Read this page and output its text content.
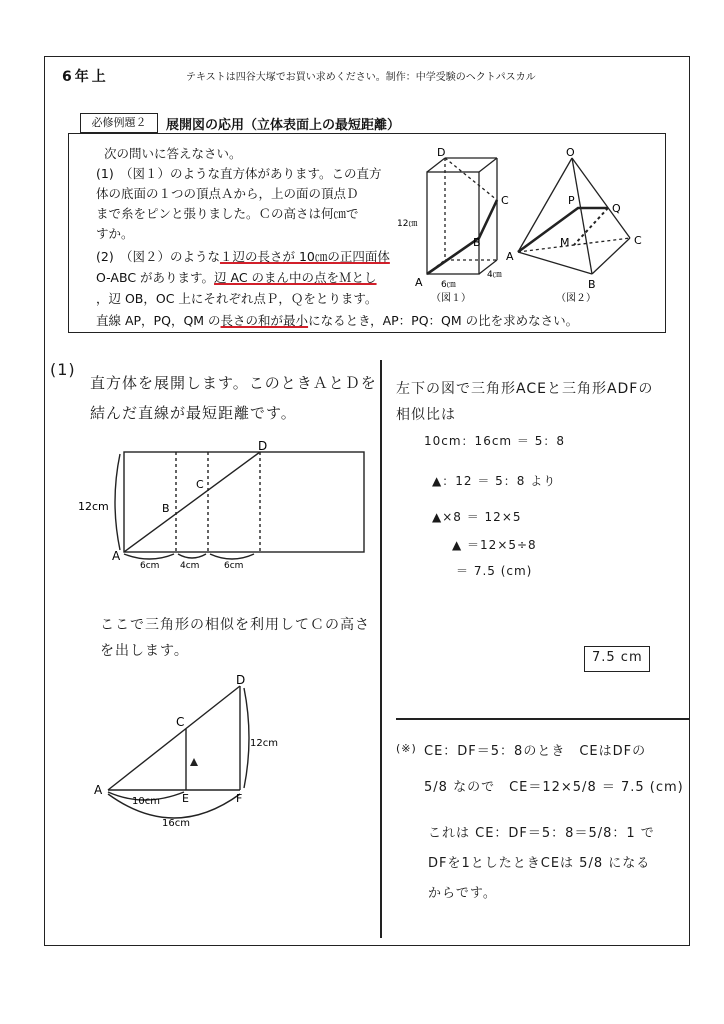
6年上	テキストは四谷大塚でお買い求めください。制作：中学受験のヘクトパスカル
必修例題２	展開図の応用（立体表面上の最短距離）
次の問いに答えなさい。
(1)　（図１）のような直方体があります。この直方
体の底面の１つの頂点Ａから，上の面の頂点Ｄ
まで糸をピンと張りました。Ｃの高さは何㎝で
すか。
(2)　（図２）のような１辺の長さが 10㎝の正四面体
O-ABC があります。辺 AC のまん中の点をＭとし
，辺 OB，OC 上にそれぞれ点Ｐ，Ｑをとります。
直線 AP，PQ，QM の長さの和が最小になるとき，AP：PQ：QM の比を求めなさい。
D
C
B
A
12㎝
6㎝
4㎝
（図１）
O
P
Q
M
A
B
C
（図２）
(1)
直方体を展開します。このときＡとＤを
結んだ直線が最短距離です。
D
C
B
A
12cm
6cm 4cm	6cm
ここで三角形の相似を利用してＣの高さ
を出します。
D
C
A
E	F
12cm
10cm
16cm
左下の図で三角形ACEと三角形ADFの
相似比は
10cm：16cm ＝ 5：8
▲：12 ＝ 5：8 より
▲×8 ＝ 12×5
▲ ＝12×5÷8
＝ 7.5 (cm)
7.5 cm
(※) CE：DF＝5：8のとき　CEはDFの
5/8 なので　CE＝12×5/8 ＝ 7.5 (cm)
これは CE：DF＝5：8＝5/8：1 で
DFを1としたときCEは 5/8 になる
からです。
